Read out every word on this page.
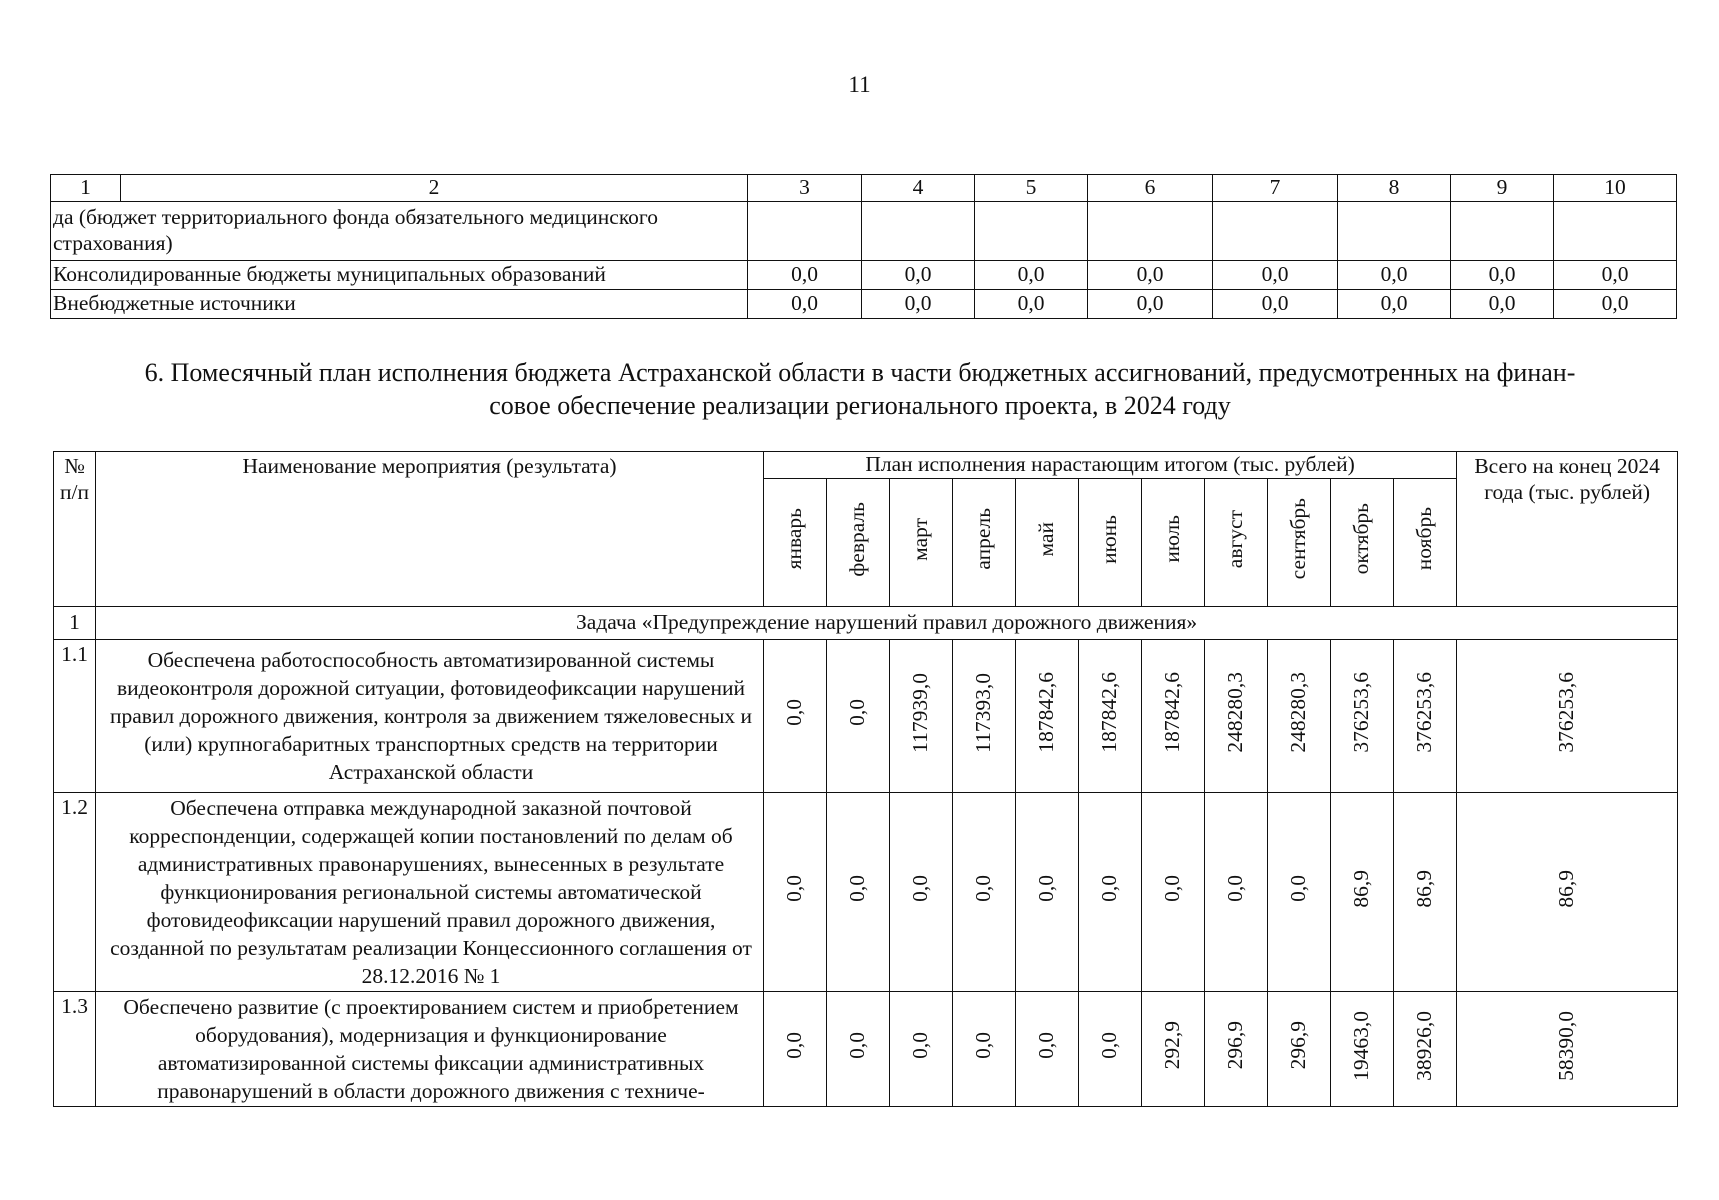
11
1	2	3	4	5	6	7	8	9	10
да (бюджет территориального фонда обязательного медицинского страхования)									
Консолидированные бюджеты муниципальных образований		0,0	0,0	0,0	0,0	0,0	0,0	0,0	0,0
Внебюджетные источники		0,0	0,0	0,0	0,0	0,0	0,0	0,0	0,0
6. Помесячный план исполнения бюджета Астраханской области в части бюджетных ассигнований, предусмотренных на финан-
совое обеспечение реализации регионального проекта, в 2024 году
№ п/п	Наименование мероприятия (результата)	План исполнения нарастающим итогом (тыс. рублей)											Всего на конец 2024 года (тыс. рублей)
		январь	февраль	март	апрель	май	июнь	июль	август	сентябрь	октябрь	ноябрь	
1	Задача «Предупреждение нарушений правил дорожного движения»												
1.1	Обеспечена работоспособность автоматизированной системы видеоконтроля дорожной ситуации, фотовидеофиксации нарушений правил дорожного движения, контроля за движением тяжеловесных и (или) крупногабаритных транспортных средств на территории Астраханской области	0,0	0,0	117939,0	117393,0	187842,6	187842,6	187842,6	248280,3	248280,3	376253,6	376253,6	376253,6
1.2	Обеспечена отправка международной заказной почтовой корреспонденции, содержащей копии постановлений по делам об административных правонарушениях, вынесенных в результате функционирования региональной системы автоматической фотовидеофиксации нарушений правил дорожного движения, созданной по результатам реализации Концессионного соглашения от 28.12.2016 № 1	0,0	0,0	0,0	0,0	0,0	0,0	0,0	0,0	0,0	86,9	86,9	86,9
1.3	Обеспечено развитие (с проектированием систем и приобретением оборудования), модернизация и функционирование автоматизированной системы фиксации административных правонарушений в области дорожного движения с техниче-	0,0	0,0	0,0	0,0	0,0	0,0	292,9	296,9	296,9	19463,0	38926,0	58390,0
